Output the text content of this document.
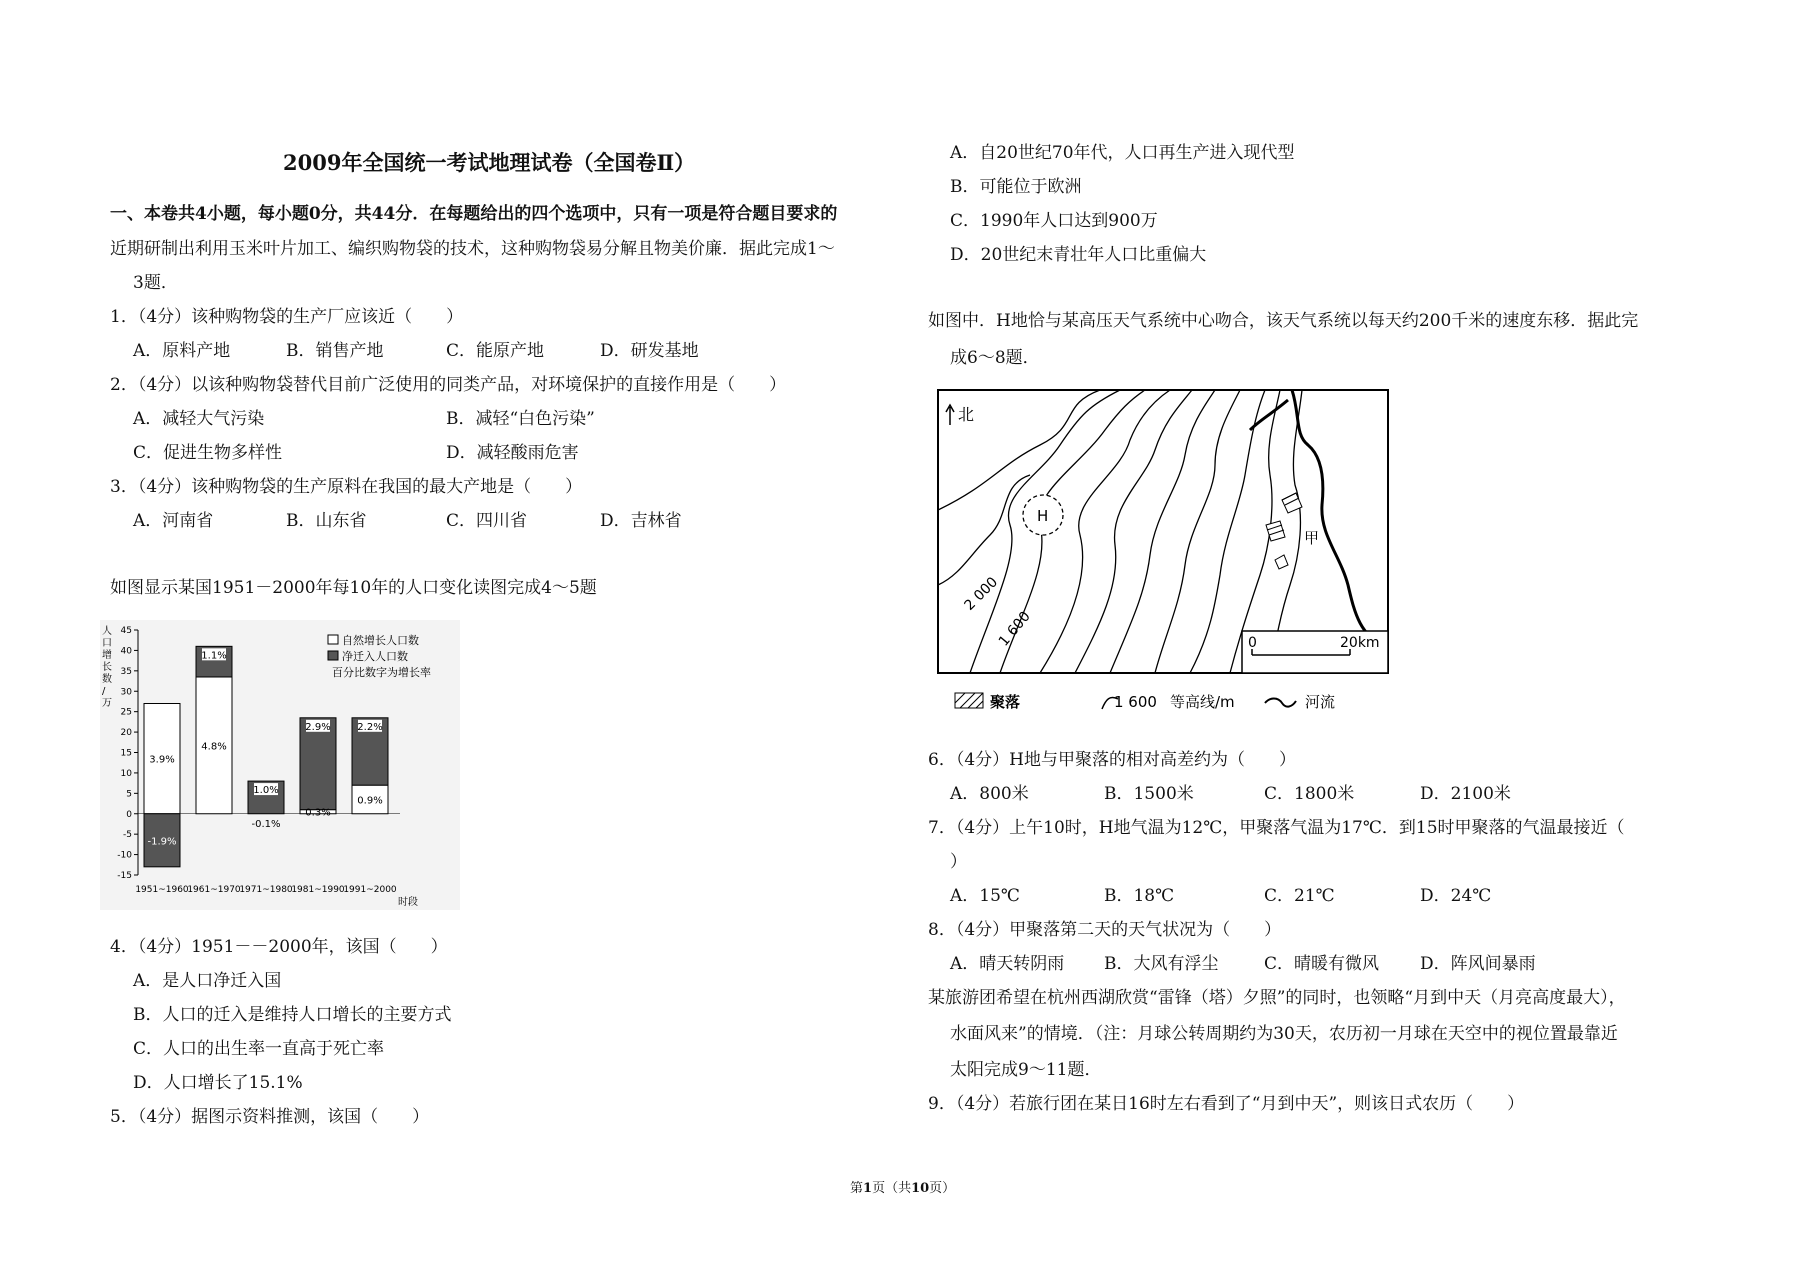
2009年全国统一考试地理试卷（全国卷Ⅱ）
一、本卷共4小题，每小题0分，共44分．在每题给出的四个选项中，只有一项是符合题目要求的
近期研制出利用玉米叶片加工、编织购物袋的技术，这种购物袋易分解且物美价廉．据此完成1～
3题．
1．（4分）该种购物袋的生产厂应该近（　　）
A．原料产地	B．销售产地	C．能原产地	D．研发基地
2．（4分）以该种购物袋替代目前广泛使用的同类产品，对环境保护的直接作用是（　　）
A．减轻大气污染	B．减轻“白色污染”
C．促进生物多样性	D．减轻酸雨危害
3．（4分）该种购物袋的生产原料在我国的最大产地是（　　）
A．河南省	B．山东省	C．四川省	D．吉林省
如图显示某国1951－2000年每10年的人口变化读图完成4～5题
人
口
增
长
数
/
万
45
40
35
30
25
20
15
10
5
0
-5
-10
-15
3.9%
-1.9%
4.8%
1.1%
1.0%
-0.1%
0.3%
2.9%
0.9%
2.2%
1951~1960
1961~1970
1971~1980
1981~1990
1991~2000
自然增长人口数
净迁入人口数
百分比数字为增长率
时段
4．（4分）1951－－2000年，该国（　　）
A．是人口净迁入国
B．人口的迁入是维持人口增长的主要方式
C．人口的出生率一直高于死亡率
D．人口增长了15.1%
5．（4分）据图示资料推测，该国（　　）
A．自20世纪70年代，人口再生产进入现代型
B．可能位于欧洲
C．1990年人口达到900万
D．20世纪末青壮年人口比重偏大
如图中．H地恰与某高压天气系统中心吻合，该天气系统以每天约200千米的速度东移．据此完
成6～8题．
H
北
甲
2 000
1 600	0	20km
聚落	1 600 等高线/m	河流
6．（4分）H地与甲聚落的相对高差约为（　　）
A．800米	B．1500米	C．1800米	D．2100米
7．（4分）上午10时，H地气温为12℃，甲聚落气温为17℃．到15时甲聚落的气温最接近（
）
A．15℃	B．18℃	C．21℃	D．24℃
8．（4分）甲聚落第二天的天气状况为（　　）
A．晴天转阴雨 B．大风有浮尘	C．晴暖有微风 D．阵风间暴雨
某旅游团希望在杭州西湖欣赏“雷锋（塔）夕照”的同时，也领略“月到中天（月亮高度最大），
水面风来”的情境．（注：月球公转周期约为30天，农历初一月球在天空中的视位置最靠近
太阳完成9～11题．
9．（4分）若旅行团在某日16时左右看到了“月到中天”，则该日式农历（　　）
第1页（共10页）
